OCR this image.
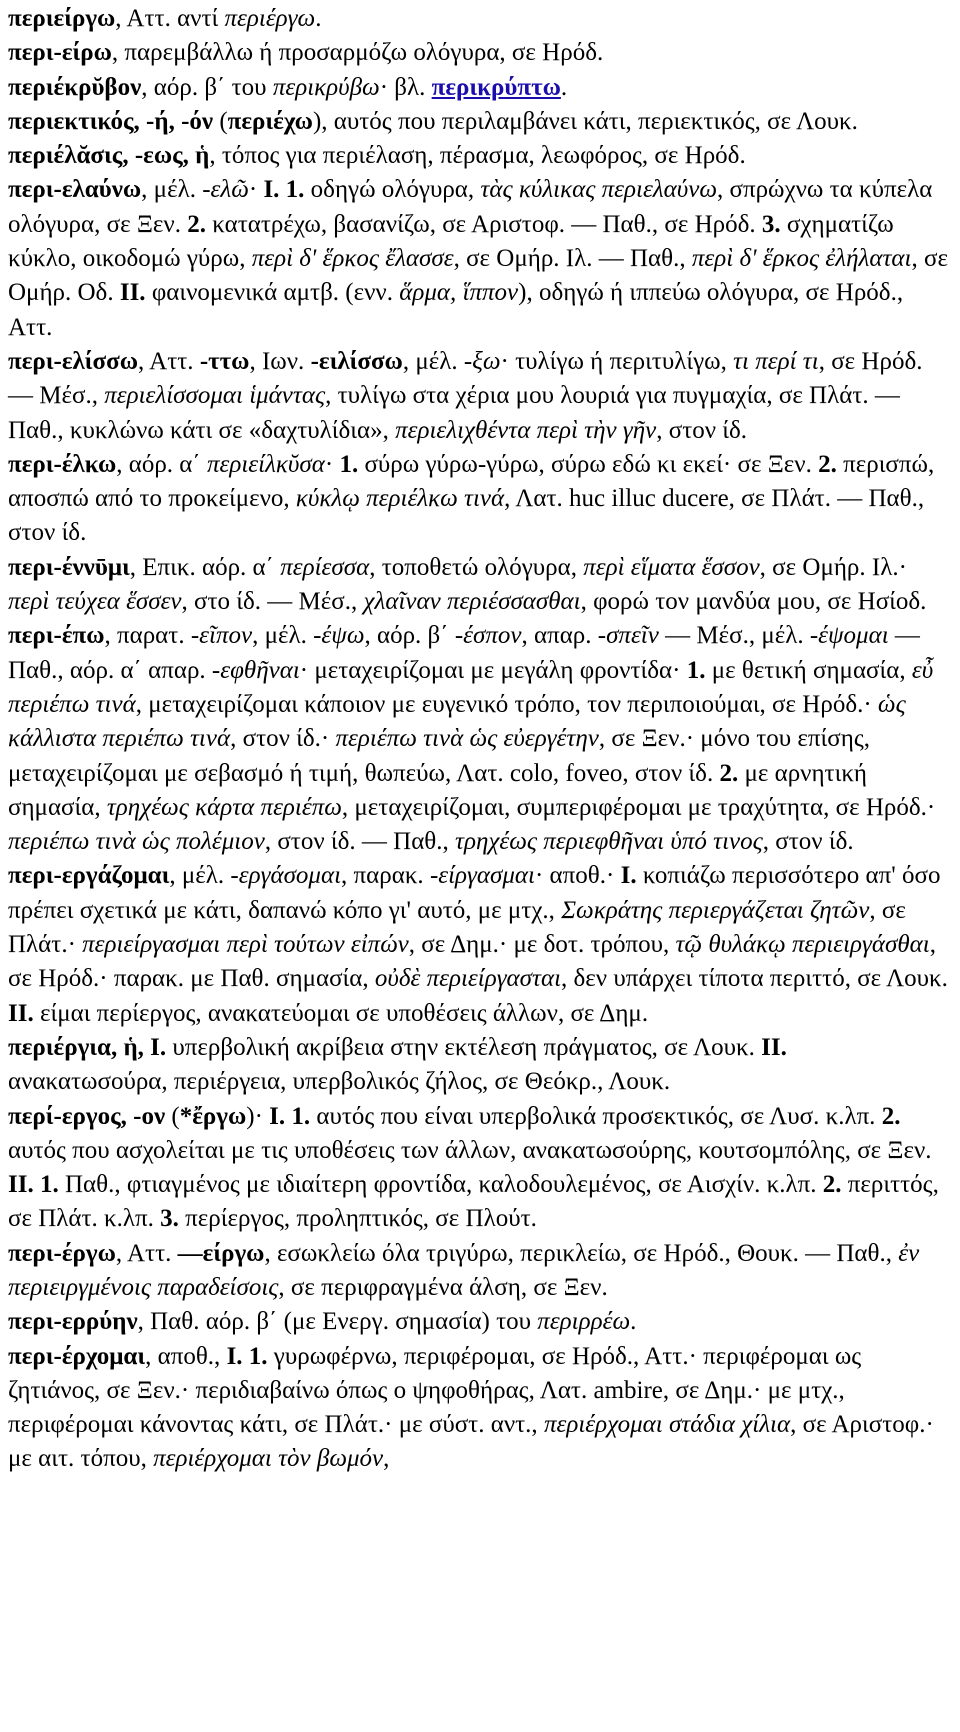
περιείργω, Αττ. αντί περιέργω.
περι-είρω, παρεμβάλλω ή προσαρμόζω ολόγυρα, σε Ηρόδ.
περιέκρῠβον, αόρ. β΄ του περικρύβω· βλ. περικρύπτω.
περιεκτικός, -ή, -όν (περιέχω), αυτός που περιλαμβάνει κάτι, περιεκτικός, σε Λουκ.
περιέλᾰσις, -εως, ἡ, τόπος για περιέλαση, πέρασμα, λεωφόρος, σε Ηρόδ.
περι-ελαύνω, μέλ. -ελῶ· I. 1. οδηγώ ολόγυρα, τὰς κύλικας περιελαύνω, σπρώχνω τα κύπελα ολόγυρα, σε Ξεν. 2. κατατρέχω, βασανίζω, σε Αριστοφ. ― Παθ., σε Ηρόδ. 3. σχηματίζω κύκλο, οικοδομώ γύρω, περὶ δ' ἕρκος ἔλασσε, σε Ομήρ. Ιλ. ― Παθ., περὶ δ' ἕρκος ἐλήλαται, σε Ομήρ. Οδ. II. φαινομενικά αμτβ. (ενν. ἅρμα, ἵππον), οδηγώ ή ιππεύω ολόγυρα, σε Ηρόδ., Αττ.
περι-ελίσσω, Αττ. -ττω, Ιων. -ειλίσσω, μέλ. -ξω· τυλίγω ή περιτυλίγω, τι περί τι, σε Ηρόδ. ― Μέσ., περιελίσσομαι ἱμάντας, τυλίγω στα χέρια μου λουριά για πυγμαχία, σε Πλάτ. ― Παθ., κυκλώνω κάτι σε «δαχτυλίδια», περιελιχθέντα περὶ τὴν γῆν, στον ίδ.
περι-έλκω, αόρ. α΄ περιείλκῠσα· 1. σύρω γύρω-γύρω, σύρω εδώ κι εκεί· σε Ξεν. 2. περισπώ, αποσπώ από το προκείμενο, κύκλῳ περιέλκω τινά, Λατ. huc illuc ducere, σε Πλάτ. ― Παθ., στον ίδ.
περι-έννῡμι, Επικ. αόρ. α΄ περίεσσα, τοποθετώ ολόγυρα, περὶ εἵματα ἕσσον, σε Ομήρ. Ιλ.· περὶ τεύχεα ἕσσεν, στο ίδ. ― Μέσ., χλαῖναν περιέσσασθαι, φορώ τον μανδύα μου, σε Ησίοδ.
περι-έπω, παρατ. -εῖπον, μέλ. -έψω, αόρ. β΄ -έσπον, απαρ. -σπεῖν ― Μέσ., μέλ. -έψομαι ― Παθ., αόρ. α΄ απαρ. -εφθῆναι· μεταχειρίζομαι με μεγάλη φροντίδα· 1. με θετική σημασία, εὖ περιέπω τινά, μεταχειρίζομαι κάποιον με ευγενικό τρόπο, τον περιποιούμαι, σε Ηρόδ.· ὡς κάλλιστα περιέπω τινά, στον ίδ.· περιέπω τινὰ ὡς εὐεργέτην, σε Ξεν.· μόνο του επίσης, μεταχειρίζομαι με σεβασμό ή τιμή, θωπεύω, Λατ. colo, foveo, στον ίδ. 2. με αρνητική σημασία, τρηχέως κάρτα περιέπω, μεταχειρίζομαι, συμπεριφέρομαι με τραχύτητα, σε Ηρόδ.· περιέπω τινὰ ὡς πολέμιον, στον ίδ. ― Παθ., τρηχέως περιεφθῆναι ὑπό τινος, στον ίδ.
περι-εργάζομαι, μέλ. -εργάσομαι, παρακ. -είργασμαι· αποθ.· I. κοπιάζω περισσότερο απ' όσο πρέπει σχετικά με κάτι, δαπανώ κόπο γι' αυτό, με μτχ., Σωκράτης περιεργάζεται ζητῶν, σε Πλάτ.· περιείργασμαι περὶ τούτων εἰπών, σε Δημ.· με δοτ. τρόπου, τῷ θυλάκῳ περιειργάσθαι, σε Ηρόδ.· παρακ. με Παθ. σημασία, οὐδὲ περιείργασται, δεν υπάρχει τίποτα περιττό, σε Λουκ. II. είμαι περίεργος, ανακατεύομαι σε υποθέσεις άλλων, σε Δημ.
περιέργια, ἡ, I. υπερβολική ακρίβεια στην εκτέλεση πράγματος, σε Λουκ. II. ανακατωσούρα, περιέργεια, υπερβολικός ζήλος, σε Θεόκρ., Λουκ.
περί-εργος, -ον (*ἔργω)· I. 1. αυτός που είναι υπερβολικά προσεκτικός, σε Λυσ. κ.λπ. 2. αυτός που ασχολείται με τις υποθέσεις των άλλων, ανακατωσούρης, κουτσομπόλης, σε Ξεν. II. 1. Παθ., φτιαγμένος με ιδιαίτερη φροντίδα, καλοδουλεμένος, σε Αισχίν. κ.λπ. 2. περιττός, σε Πλάτ. κ.λπ. 3. περίεργος, προληπτικός, σε Πλούτ.
περι-έργω, Αττ. ―είργω, εσωκλείω όλα τριγύρω, περικλείω, σε Ηρόδ., Θουκ. ― Παθ., ἐν περιειργμένοις παραδείσοις, σε περιφραγμένα άλση, σε Ξεν.
περι-ερρύην, Παθ. αόρ. β΄ (με Ενεργ. σημασία) του περιρρέω.
περι-έρχομαι, αποθ., I. 1. γυρωφέρνω, περιφέρομαι, σε Ηρόδ., Αττ.· περιφέρομαι ως ζητιάνος, σε Ξεν.· περιδιαβαίνω όπως ο ψηφοθήρας, Λατ. ambire, σε Δημ.· με μτχ., περιφέρομαι κάνοντας κάτι, σε Πλάτ.· με σύστ. αντ., περιέρχομαι στάδια χίλια, σε Αριστοφ.· με αιτ. τόπου, περιέρχομαι τὸν βωμόν,
